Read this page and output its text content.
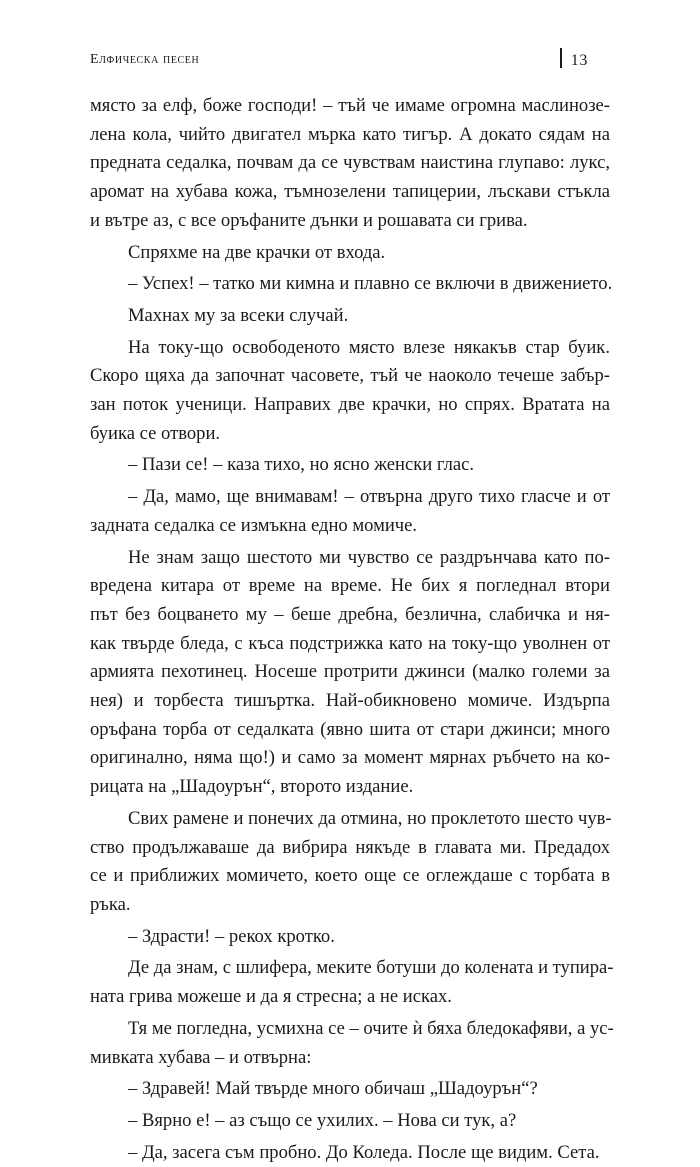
Елфическа песен	13
място за елф, боже господи! – тъй че имаме огромна маслинозе-
лена кола, чийто двигател мърка като тигър. А докато сядам на
предната седалка, почвам да се чувствам наистина глупаво: лукс,
аромат на хубава кожа, тъмнозелени тапицерии, лъскави стъкла
и вътре аз, с все оръфаните дънки и рошавата си грива.
Спряхме на две крачки от входа.
– Успех! – татко ми кимна и плавно се включи в движението.
Махнах му за всеки случай.
На току-що освободеното място влезе някакъв стар буик.
Скоро щяха да започнат часовете, тъй че наоколо течеше забър-
зан поток ученици. Направих две крачки, но спрях. Вратата на
буика се отвори.
– Пази се! – каза тихо, но ясно женски глас.
– Да, мамо, ще внимавам! – отвърна друго тихо гласче и от
задната седалка се измъкна едно момиче.
Не знам защо шестото ми чувство се раздрънчава като по-
вредена китара от време на време. Не бих я погледнал втори
път без боцването му – беше дребна, безлична, слабичка и ня-
как твърде бледа, с къса подстрижка като на току-що уволнен от
армията пехотинец. Носеше протрити джинси (малко големи за
нея) и торбеста тишъртка. Най-обикновено момиче. Издърпа
оръфана торба от седалката (явно шита от стари джинси; много
оригинално, няма що!) и само за момент мярнах ръбчето на ко-
рицата на „Шадоурън“, второто издание.
Свих рамене и понечих да отмина, но проклетото шесто чув-
ство продължаваше да вибрира някъде в главата ми. Предадох
се и приближих момичето, което още се оглеждаше с торбата в
ръка.
– Здрасти! – рекох кротко.
Де да знам, с шлифера, меките ботуши до колената и тупира-
ната грива можеше и да я стресна; а не исках.
Тя ме погледна, усмихна се – очите ѝ бяха бледокафяви, а ус-
мивката хубава – и отвърна:
– Здравей! Май твърде много обичаш „Шадоурън“?
– Вярно е! – аз също се ухилих. – Нова си тук, а?
– Да, засега съм пробно. До Коледа. После ще видим. Сета.
